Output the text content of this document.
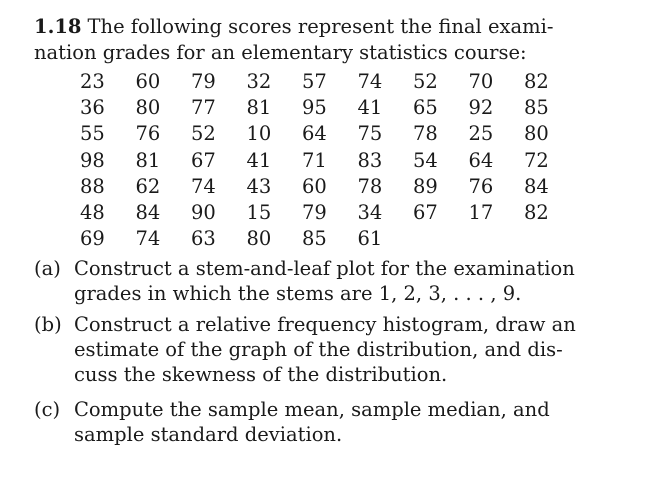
1.18 The following scores represent the final exami-
nation grades for an elementary statistics course:

23	60	79	32	57	74	52	70	82
36	80	77	81	95	41	65	92	85
55	76	52	10	64	75	78	25	80
98	81	67	41	71	83	54	64	72
88	62	74	43	60	78	89	76	84
48	84	90	15	79	34	67	17	82
69	74	63	80	85	61			
(a) Construct a stem-and-leaf plot for the examination
grades in which the stems are 1, 2, 3, . . . , 9.
(b) Construct a relative frequency histogram, draw an
estimate of the graph of the distribution, and dis-
cuss the skewness of the distribution.
(c) Compute the sample mean, sample median, and
sample standard deviation.
